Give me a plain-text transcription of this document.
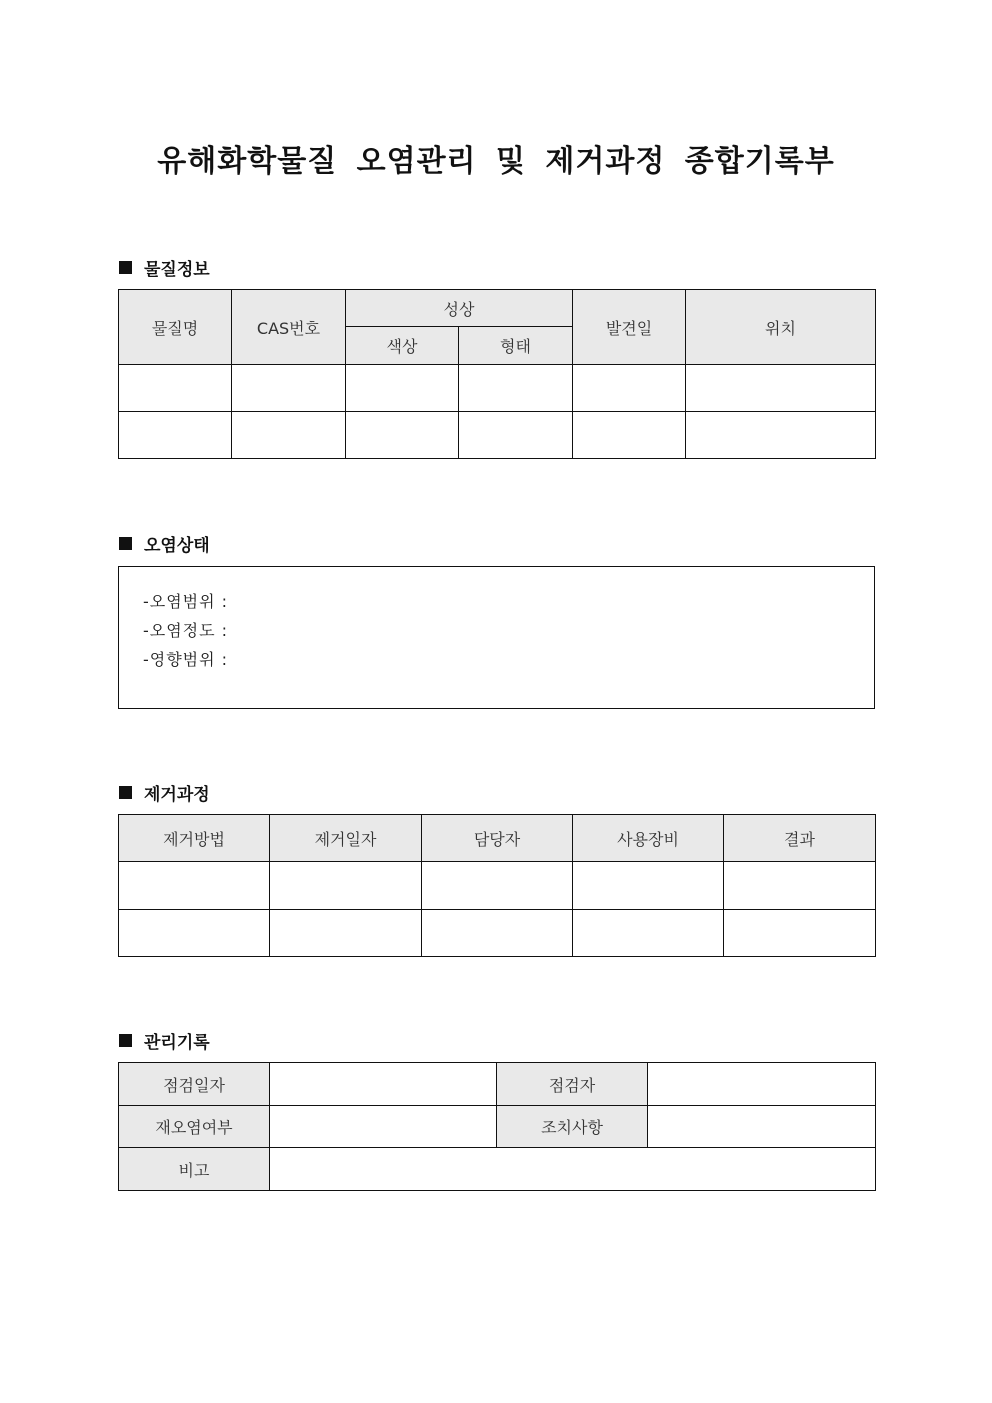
유해화학물질 오염관리 및 제거과정 종합기록부
물질정보
물질명	CAS번호	성상		발견일	위치
		색상	형태		

오염상태
-오염범위 :
-오염정도 :
-영향범위 :
제거과정
제거방법	제거일자	담당자	사용장비	결과

관리기록
점검일자		점검자	
재오염여부		조치사항	
비고			
